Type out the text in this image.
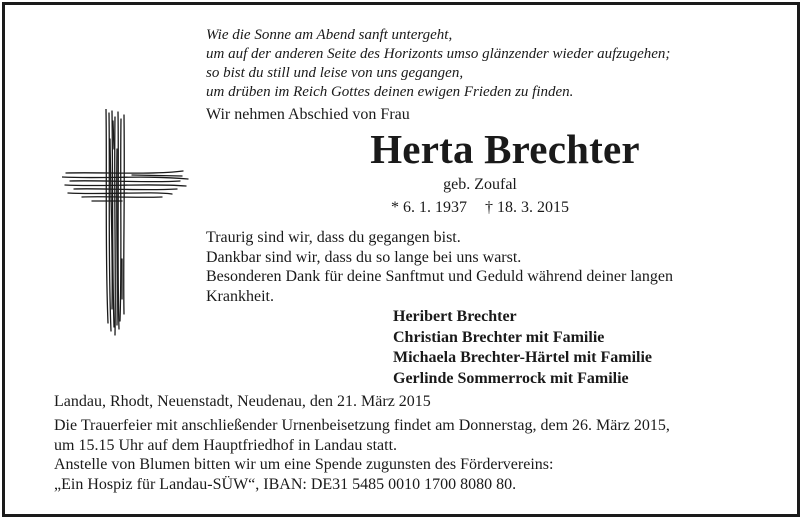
Wie die Sonne am Abend sanft untergeht,
um auf der anderen Seite des Horizonts umso glänzender wieder aufzugehen;
so bist du still und leise von uns gegangen,
um drüben im Reich Gottes deinen ewigen Frieden zu finden.
Wir nehmen Abschied von Frau
Herta Brechter
geb. Zoufal
* 6. 1. 1937 † 18. 3. 2015
Traurig sind wir, dass du gegangen bist.
Dankbar sind wir, dass du so lange bei uns warst.
Besonderen Dank für deine Sanftmut und Geduld während deiner langen
Krankheit.
Heribert Brechter
Christian Brechter mit Familie
Michaela Brechter-Härtel mit Familie
Gerlinde Sommerrock mit Familie
Landau, Rhodt, Neuenstadt, Neudenau, den 21. März 2015
Die Trauerfeier mit anschließender Urnenbeisetzung findet am Donnerstag, dem 26. März 2015,
um 15.15 Uhr auf dem Hauptfriedhof in Landau statt.
Anstelle von Blumen bitten wir um eine Spende zugunsten des Fördervereins:
„Ein Hospiz für Landau-SÜW“, IBAN: DE31 5485 0010 1700 8080 80.
